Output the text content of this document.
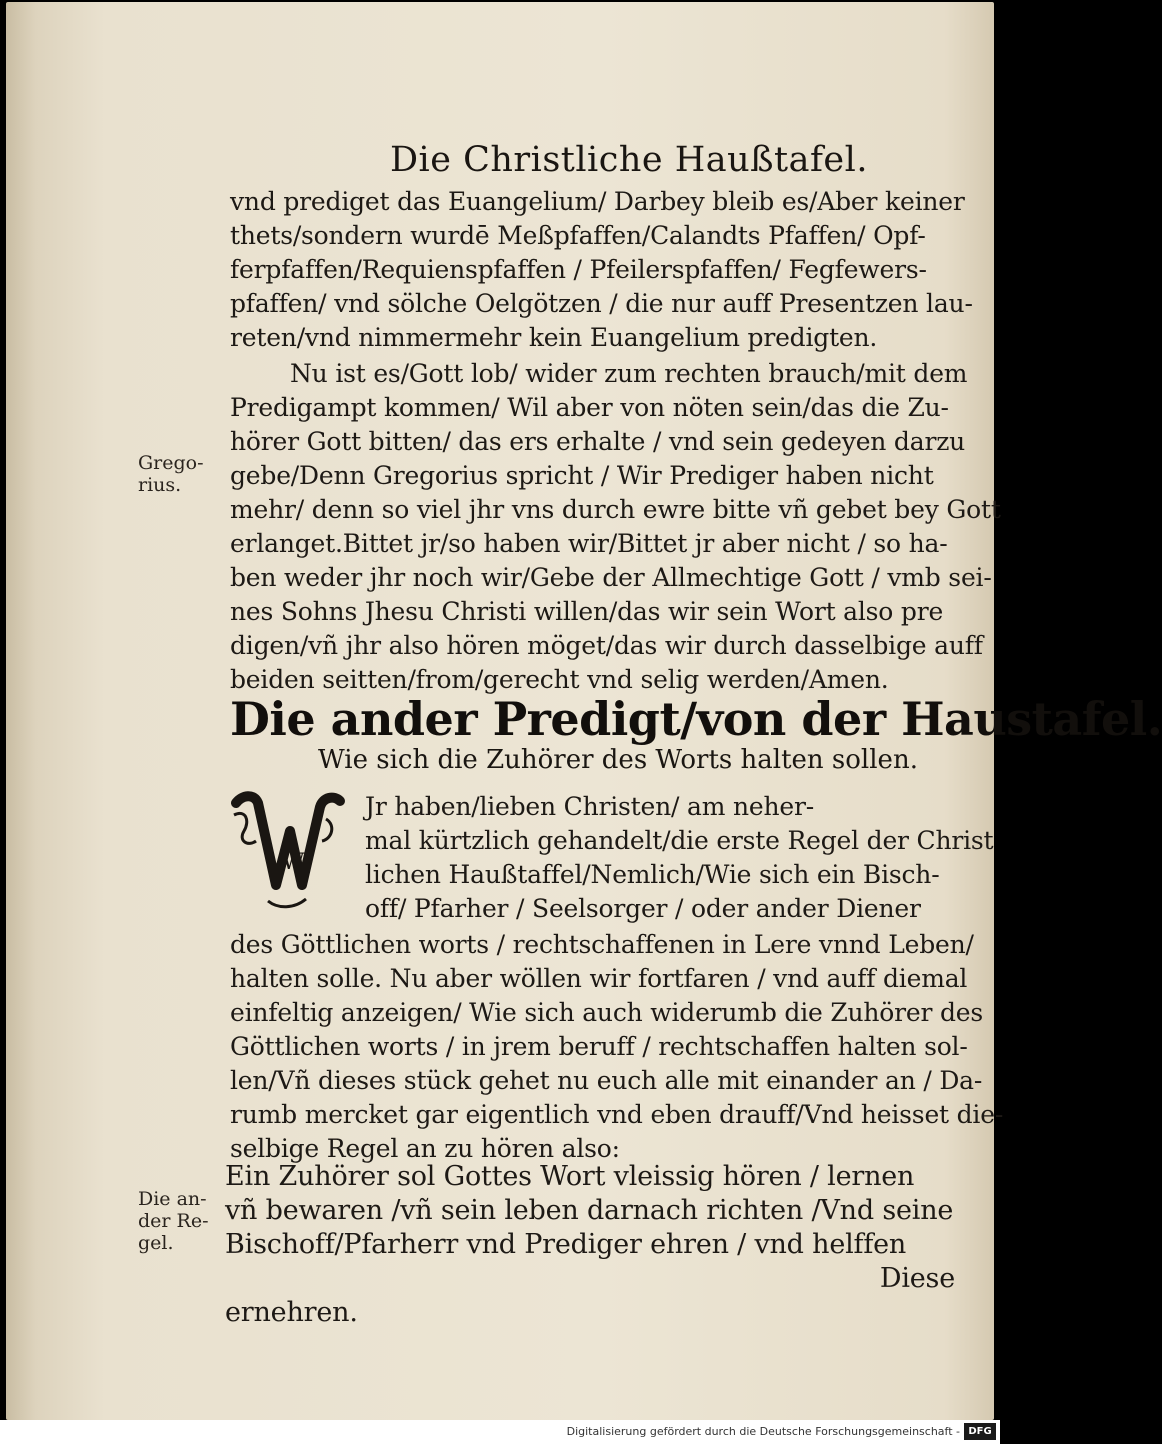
Die Christliche Haußtafel.
vnd prediget das Euangelium/ Darbey bleib es/Aber keiner
thets/sondern wurdē Meßpfaffen/Calandts Pfaffen/ Opf-
ferpfaffen/Requienspfaffen / Pfeilerspfaffen/ Fegfewers-
pfaffen/ vnd sölche Oelgötzen / die nur auff Presentzen lau-
reten/vnd nimmermehr kein Euangelium predigten.
Nu ist es/Gott lob/ wider zum rechten brauch/mit dem
Predigampt kommen/ Wil aber von nöten sein/das die Zu-
hörer Gott bitten/ das ers erhalte / vnd sein gedeyen darzu
gebe/Denn Gregorius spricht / Wir Prediger haben nicht
mehr/ denn so viel jhr vns durch ewre bitte vñ gebet bey Gott
erlanget.Bittet jr/so haben wir/Bittet jr aber nicht / so ha-
ben weder jhr noch wir/Gebe der Allmechtige Gott / vmb sei-
nes Sohns Jhesu Christi willen/das wir sein Wort also pre
digen/vñ jhr also hören möget/das wir durch dasselbige auff
beiden seitten/from/gerecht vnd selig werden/Amen.
Grego-
rius.
Die ander Predigt/von der Haustafel.
Wie sich die Zuhörer des Worts halten sollen.
W
Jr haben/lieben Christen/ am neher-
mal kürtzlich gehandelt/die erste Regel der Christ
lichen Haußtaffel/Nemlich/Wie sich ein Bisch-
off/ Pfarher / Seelsorger / oder ander Diener
des Göttlichen worts / rechtschaffenen in Lere vnnd Leben/
halten solle. Nu aber wöllen wir fortfaren / vnd auff diemal
einfeltig anzeigen/ Wie sich auch widerumb die Zuhörer des
Göttlichen worts / in jrem beruff / rechtschaffen halten sol-
len/Vñ dieses stück gehet nu euch alle mit einander an / Da-
rumb mercket gar eigentlich vnd eben drauff/Vnd heisset die-
selbige Regel an zu hören also:
Die an-
der Re-
gel.
Ein Zuhörer sol Gottes Wort vleissig hören / lernen
vñ bewaren /vñ sein leben darnach richten /Vnd seine
Bischoff/Pfarherr vnd Prediger ehren / vnd helffen
Diese
ernehren.
Digitalisierung gefördert durch die Deutsche Forschungsgemeinschaft - DFG
